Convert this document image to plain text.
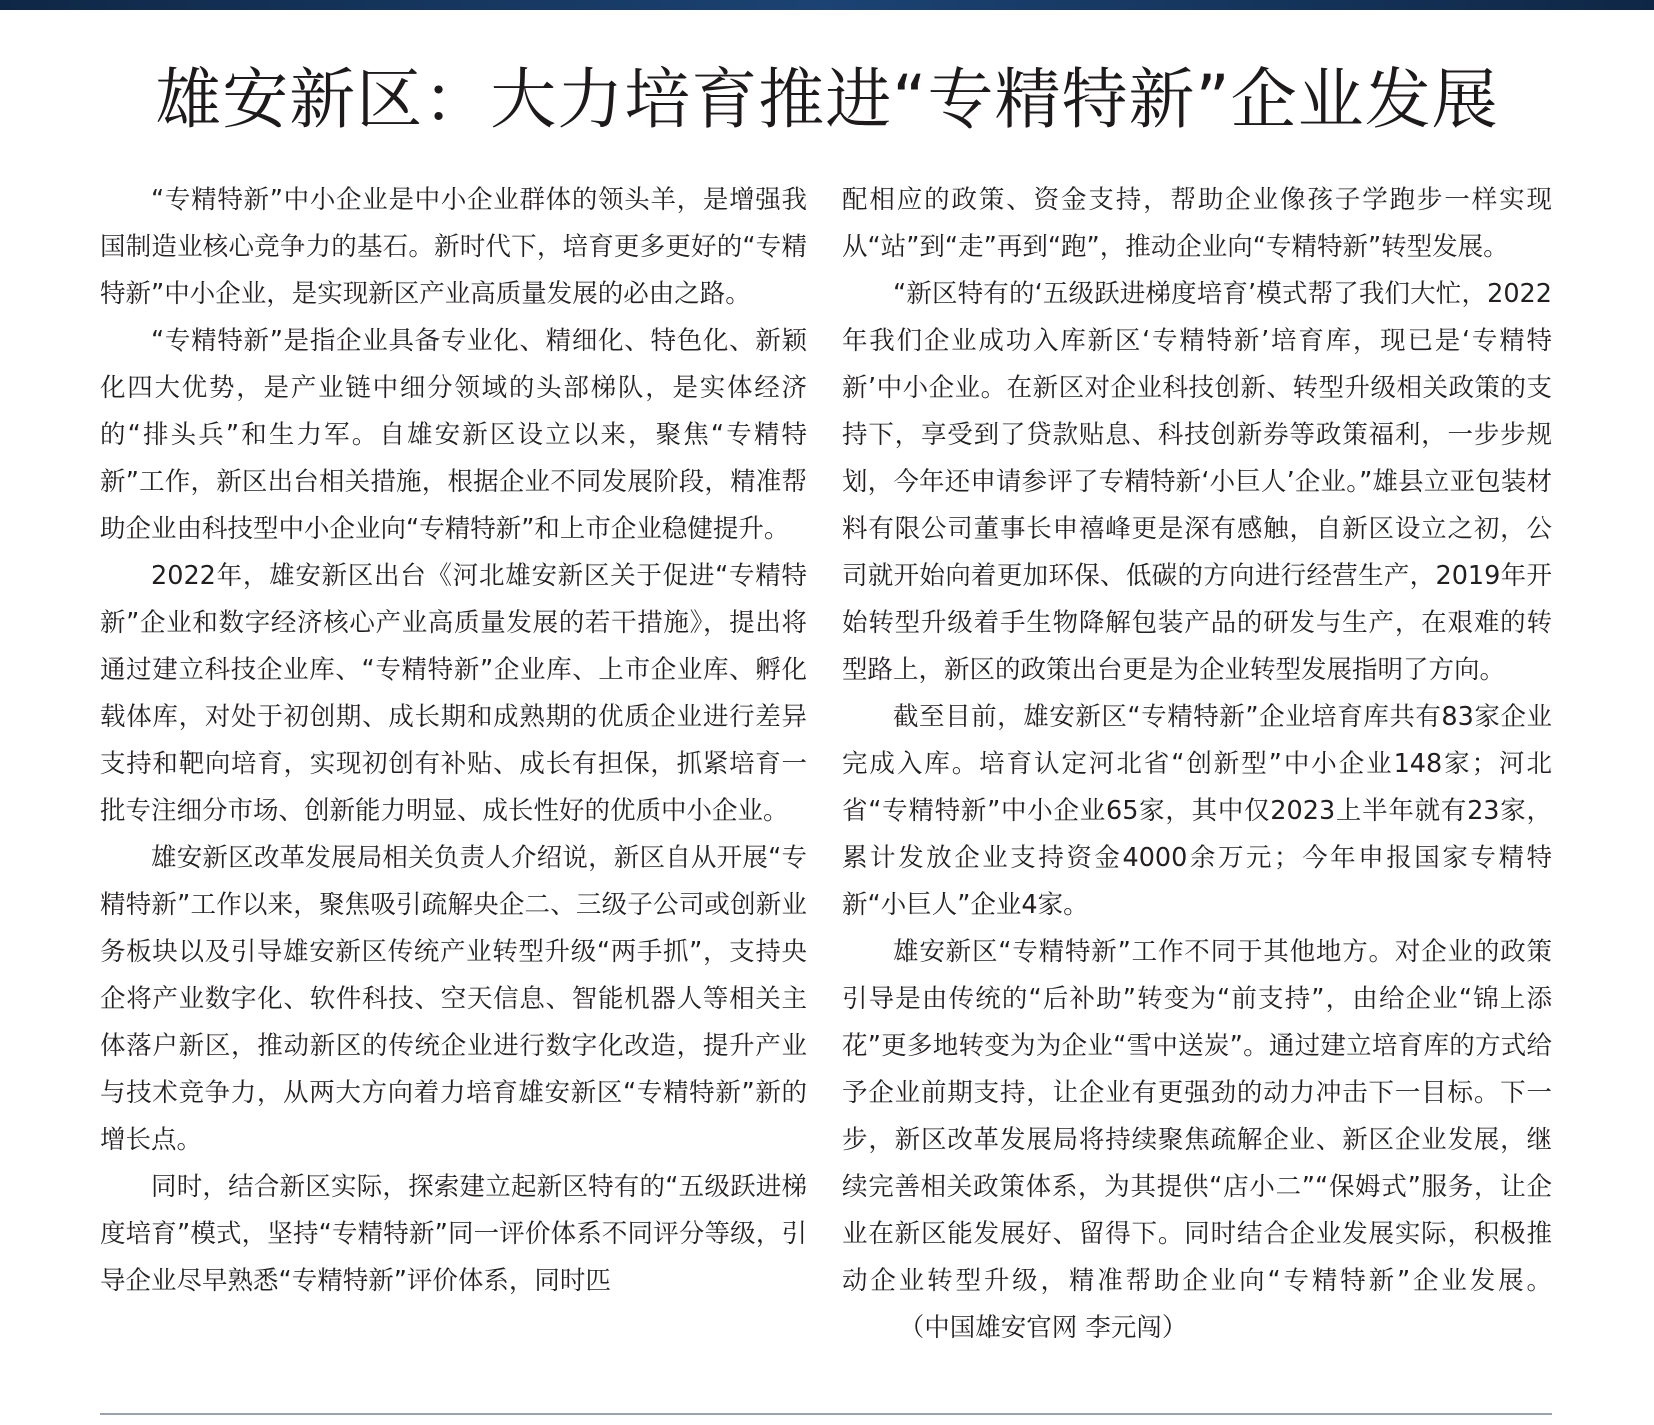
雄安新区：大力培育推进“专精特新”企业发展

“专精特新”中小企业是中小企业群体的领头羊，是增强我国制造业核心竞争力的基石。新时代下，培育更多更好的“专精特新”中小企业，是实现新区产业高质量发展的必由之路。

“专精特新”是指企业具备专业化、精细化、特色化、新颖化四大优势，是产业链中细分领域的头部梯队，是实体经济的“排头兵”和生力军。自雄安新区设立以来，聚焦“专精特新”工作，新区出台相关措施，根据企业不同发展阶段，精准帮助企业由科技型中小企业向“专精特新”和上市企业稳健提升。

2022年，雄安新区出台《河北雄安新区关于促进“专精特新”企业和数字经济核心产业高质量发展的若干措施》，提出将通过建立科技企业库、“专精特新”企业库、上市企业库、孵化载体库，对处于初创期、成长期和成熟期的优质企业进行差异支持和靶向培育，实现初创有补贴、成长有担保，抓紧培育一批专注细分市场、创新能力明显、成长性好的优质中小企业。

雄安新区改革发展局相关负责人介绍说，新区自从开展“专精特新”工作以来，聚焦吸引疏解央企二、三级子公司或创新业务板块以及引导雄安新区传统产业转型升级“两手抓”，支持央企将产业数字化、软件科技、空天信息、智能机器人等相关主体落户新区，推动新区的传统企业进行数字化改造，提升产业与技术竞争力，从两大方向着力培育雄安新区“专精特新”新的增长点。

同时，结合新区实际，探索建立起新区特有的“五级跃进梯度培育”模式，坚持“专精特新”同一评价体系不同评分等级，引导企业尽早熟悉“专精特新”评价体系，同时匹

配相应的政策、资金支持，帮助企业像孩子学跑步一样实现从“站”到“走”再到“跑”，推动企业向“专精特新”转型发展。

“新区特有的‘五级跃进梯度培育’模式帮了我们大忙，2022年我们企业成功入库新区‘专精特新’培育库，现已是‘专精特新’中小企业。在新区对企业科技创新、转型升级相关政策的支持下，享受到了贷款贴息、科技创新券等政策福利，一步步规划，今年还申请参评了专精特新‘小巨人’企业。”雄县立亚包装材料有限公司董事长申禧峰更是深有感触，自新区设立之初，公司就开始向着更加环保、低碳的方向进行经营生产，2019年开始转型升级着手生物降解包装产品的研发与生产，在艰难的转型路上，新区的政策出台更是为企业转型发展指明了方向。

截至目前，雄安新区“专精特新”企业培育库共有83家企业完成入库。培育认定河北省“创新型”中小企业148家；河北省“专精特新”中小企业65家，其中仅2023上半年就有23家，累计发放企业支持资金4000余万元；今年申报国家专精特新“小巨人”企业4家。

雄安新区“专精特新”工作不同于其他地方。对企业的政策引导是由传统的“后补助”转变为“前支持”，由给企业“锦上添花”更多地转变为为企业“雪中送炭”。通过建立培育库的方式给予企业前期支持，让企业有更强劲的动力冲击下一目标。下一步，新区改革发展局将持续聚焦疏解企业、新区企业发展，继续完善相关政策体系，为其提供“店小二”“保姆式”服务，让企业在新区能发展好、留得下。同时结合企业发展实际，积极推动企业转型升级，精准帮助企业向“专精特新”企业发展。       （中国雄安官网 李元闯）
